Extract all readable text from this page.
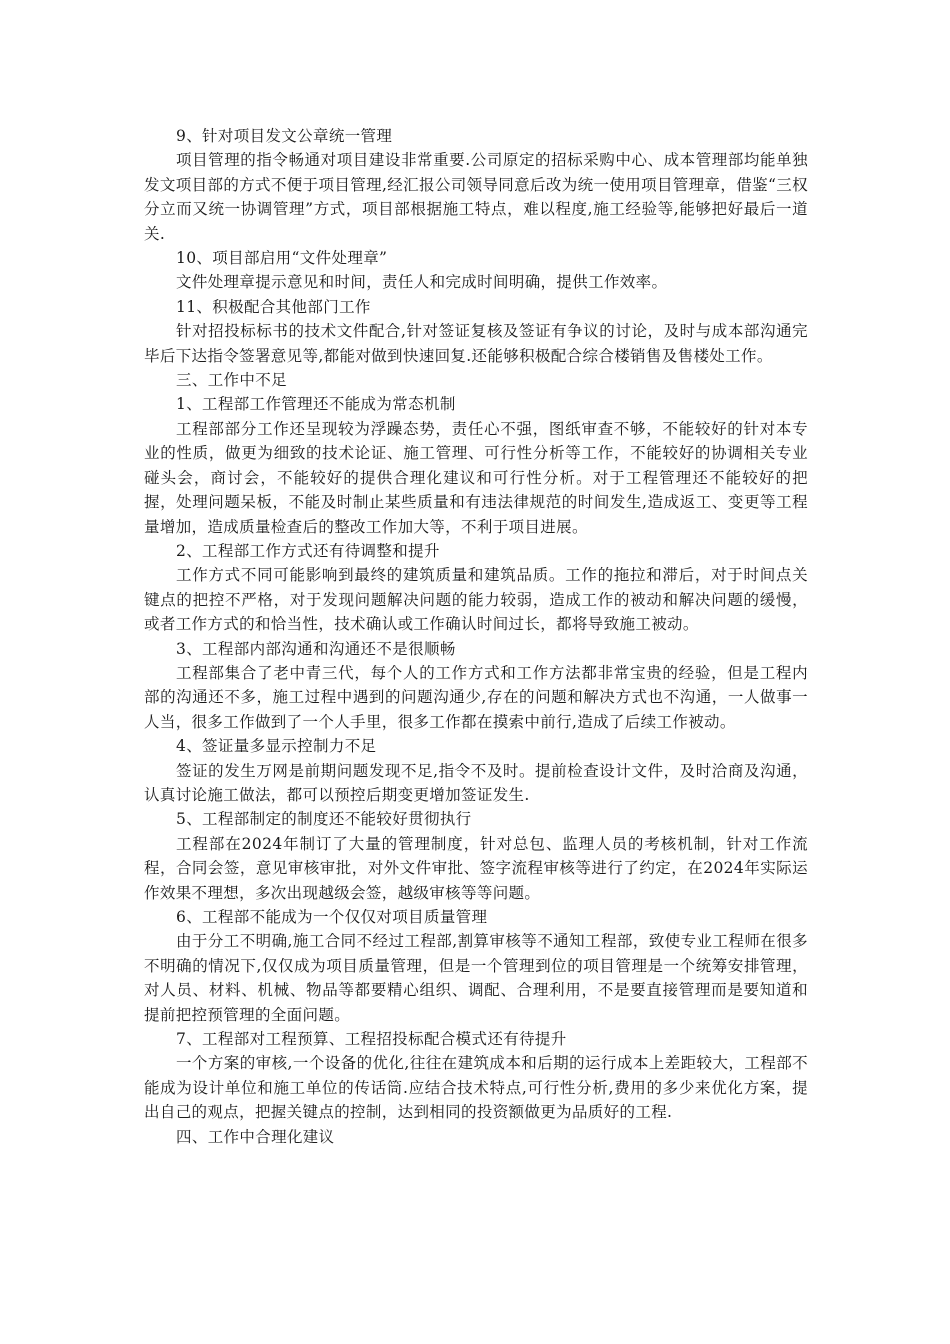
9、针对项目发文公章统一管理

项目管理的指令畅通对项目建设非常重要.公司原定的招标采购中心、成本管理部均能单独发文项目部的方式不便于项目管理,经汇报公司领导同意后改为统一使用项目管理章，借鉴“三权分立而又统一协调管理”方式，项目部根据施工特点，难以程度,施工经验等,能够把好最后一道关.

10、项目部启用“文件处理章”

文件处理章提示意见和时间，责任人和完成时间明确，提供工作效率。

11、积极配合其他部门工作

针对招投标标书的技术文件配合,针对签证复核及签证有争议的讨论，及时与成本部沟通完毕后下达指令签署意见等,都能对做到快速回复.还能够积极配合综合楼销售及售楼处工作。

三、工作中不足

1、工程部工作管理还不能成为常态机制

工程部部分工作还呈现较为浮躁态势，责任心不强，图纸审查不够，不能较好的针对本专业的性质，做更为细致的技术论证、施工管理、可行性分析等工作，不能较好的协调相关专业碰头会，商讨会，不能较好的提供合理化建议和可行性分析。对于工程管理还不能较好的把握，处理问题呆板，不能及时制止某些质量和有违法律规范的时间发生,造成返工、变更等工程量增加，造成质量检查后的整改工作加大等，不利于项目进展。

2、工程部工作方式还有待调整和提升

工作方式不同可能影响到最终的建筑质量和建筑品质。工作的拖拉和滞后，对于时间点关键点的把控不严格，对于发现问题解决问题的能力较弱，造成工作的被动和解决问题的缓慢，或者工作方式的和恰当性，技术确认或工作确认时间过长，都将导致施工被动。

3、工程部内部沟通和沟通还不是很顺畅

工程部集合了老中青三代，每个人的工作方式和工作方法都非常宝贵的经验，但是工程内部的沟通还不多，施工过程中遇到的问题沟通少,存在的问题和解决方式也不沟通，一人做事一人当，很多工作做到了一个人手里，很多工作都在摸索中前行,造成了后续工作被动。

4、签证量多显示控制力不足

签证的发生万网是前期问题发现不足,指令不及时。提前检查设计文件，及时洽商及沟通，认真讨论施工做法，都可以预控后期变更增加签证发生.

5、工程部制定的制度还不能较好贯彻执行

工程部在2024年制订了大量的管理制度，针对总包、监理人员的考核机制，针对工作流程，合同会签，意见审核审批，对外文件审批、签字流程审核等进行了约定，在2024年实际运作效果不理想，多次出现越级会签，越级审核等等问题。

6、工程部不能成为一个仅仅对项目质量管理

由于分工不明确,施工合同不经过工程部,割算审核等不通知工程部，致使专业工程师在很多不明确的情况下,仅仅成为项目质量管理，但是一个管理到位的项目管理是一个统筹安排管理，对人员、材料、机械、物品等都要精心组织、调配、合理利用，不是要直接管理而是要知道和提前把控预管理的全面问题。

7、工程部对工程预算、工程招投标配合模式还有待提升

一个方案的审核,一个设备的优化,往往在建筑成本和后期的运行成本上差距较大，工程部不能成为设计单位和施工单位的传话筒.应结合技术特点,可行性分析,费用的多少来优化方案，提出自己的观点，把握关键点的控制，达到相同的投资额做更为品质好的工程.

四、工作中合理化建议
